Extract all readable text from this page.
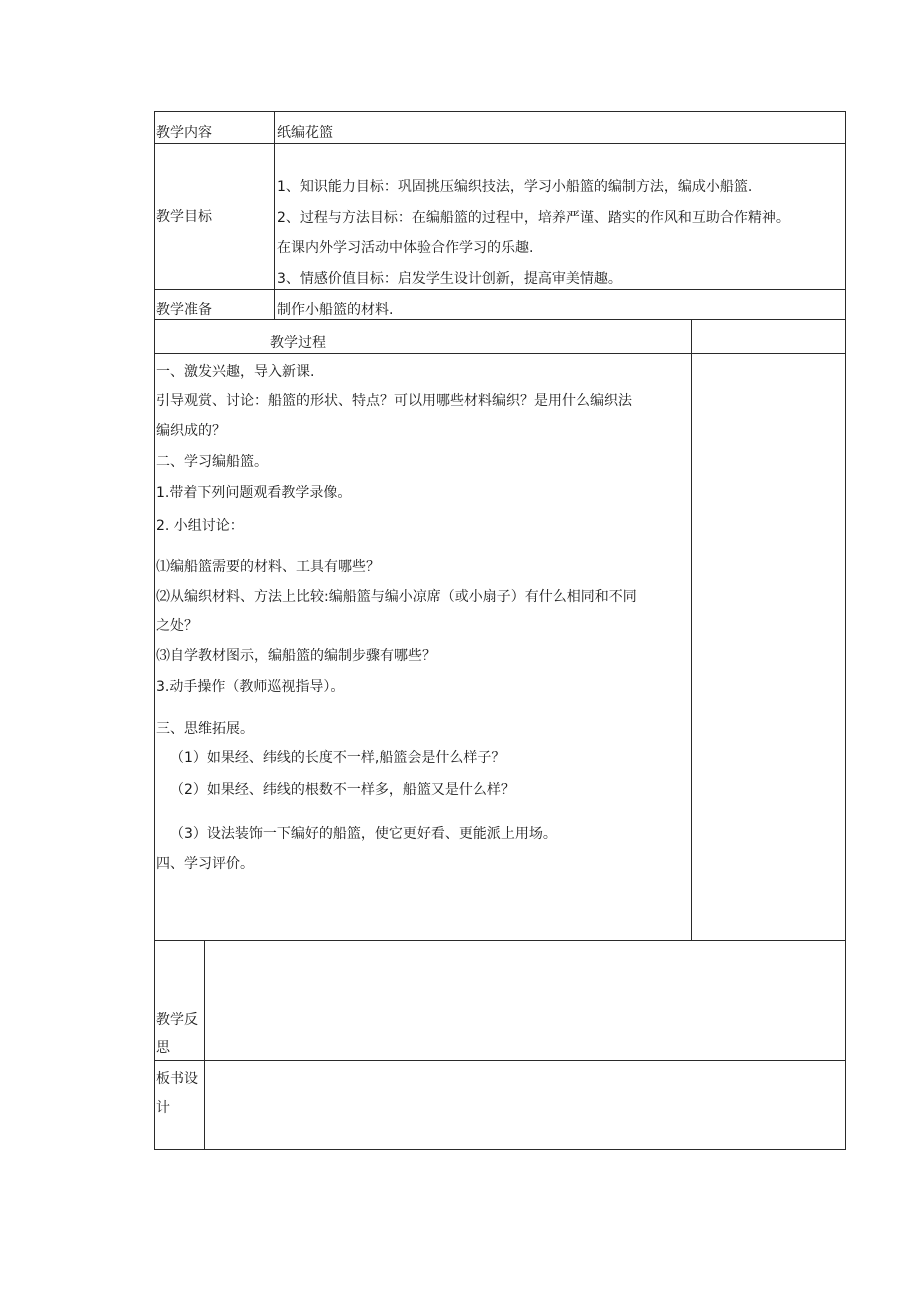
教学内容	纸编花篮
教学目标
1、知识能力目标：巩固挑压编织技法，学习小船篮的编制方法，编成小船篮.
2、过程与方法目标：在编船篮的过程中，培养严谨、踏实的作风和互助合作精神。
在课内外学习活动中体验合作学习的乐趣.
3、情感价值目标：启发学生设计创新，提高审美情趣。
教学准备	制作小船篮的材料.
教学过程
一、激发兴趣，导入新课.
引导观赏、讨论：船篮的形状、特点？可以用哪些材料编织？是用什么编织法
编织成的？
二、学习编船篮。
1.带着下列问题观看教学录像。
2. 小组讨论：
⑴编船篮需要的材料、工具有哪些？
⑵从编织材料、方法上比较:编船篮与编小凉席（或小扇子）有什么相同和不同
之处？
⑶自学教材图示，编船篮的编制步骤有哪些？
3.动手操作（教师巡视指导）。
三、思维拓展。
（1）如果经、纬线的长度不一样,船篮会是什么样子？
（2）如果经、纬线的根数不一样多，船篮又是什么样？
（3）设法装饰一下编好的船篮，使它更好看、更能派上用场。
四、学习评价。
教学反
思
板书设
计
